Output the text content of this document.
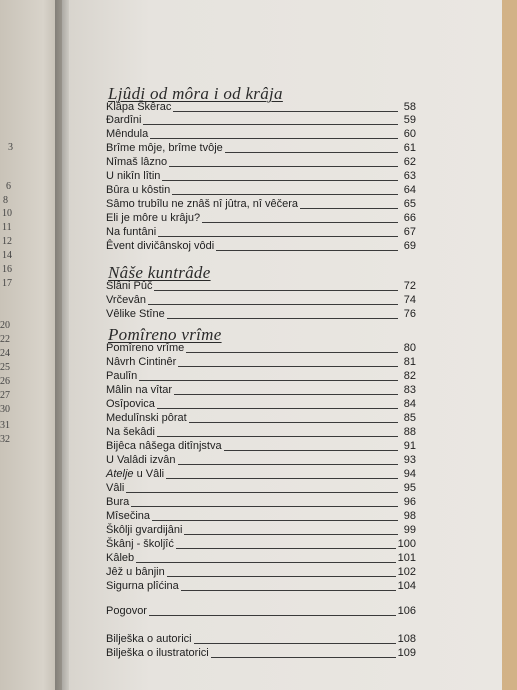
3
6
8
10
11
12
14
16
17
20
22
24
25
26
27
30
31
32
Ljûdi od môra i od krâja
Klâpa Škêrac	58
Đardîni	59
Mêndula	60
Brîme môje, brîme tvôje	61
Nîmaš lâzno	62
U nikîn lîtin	63
Bûra u kôstin	64
Sâmo trubîlu ne znâš nî jûtra, nî vêčera	65
Eli je môre u krâju?	66
Na funtâni	67
Êvent divičânskoj vôdi	69
Nâše kuntrâde
Slâni Pûč	72
Vrčevân	74
Vêlike Stîne	76
Pomîreno vrîme
Pomîreno vrîme	80
Nâvrh Cintinêr	81
Paulîn	82
Mâlin na vîtar	83
Osîpovica	84
Medulînski pôrat	85
Na šekâdi	88
Bijêca nâšega ditînjstva	91
U Valâdi izvân	93
Atelje u Vâli	94
Vâli	95
Bura	96
Mîsečina	98
Škôlji gvardijâni	99
Škânj - školjîć	100
Kâleb	101
Jêž u bânjin	102
Sigurna plîćina	104
Pogovor	106
Bilješka o autorici	108
Bilješka o ilustratorici	109
